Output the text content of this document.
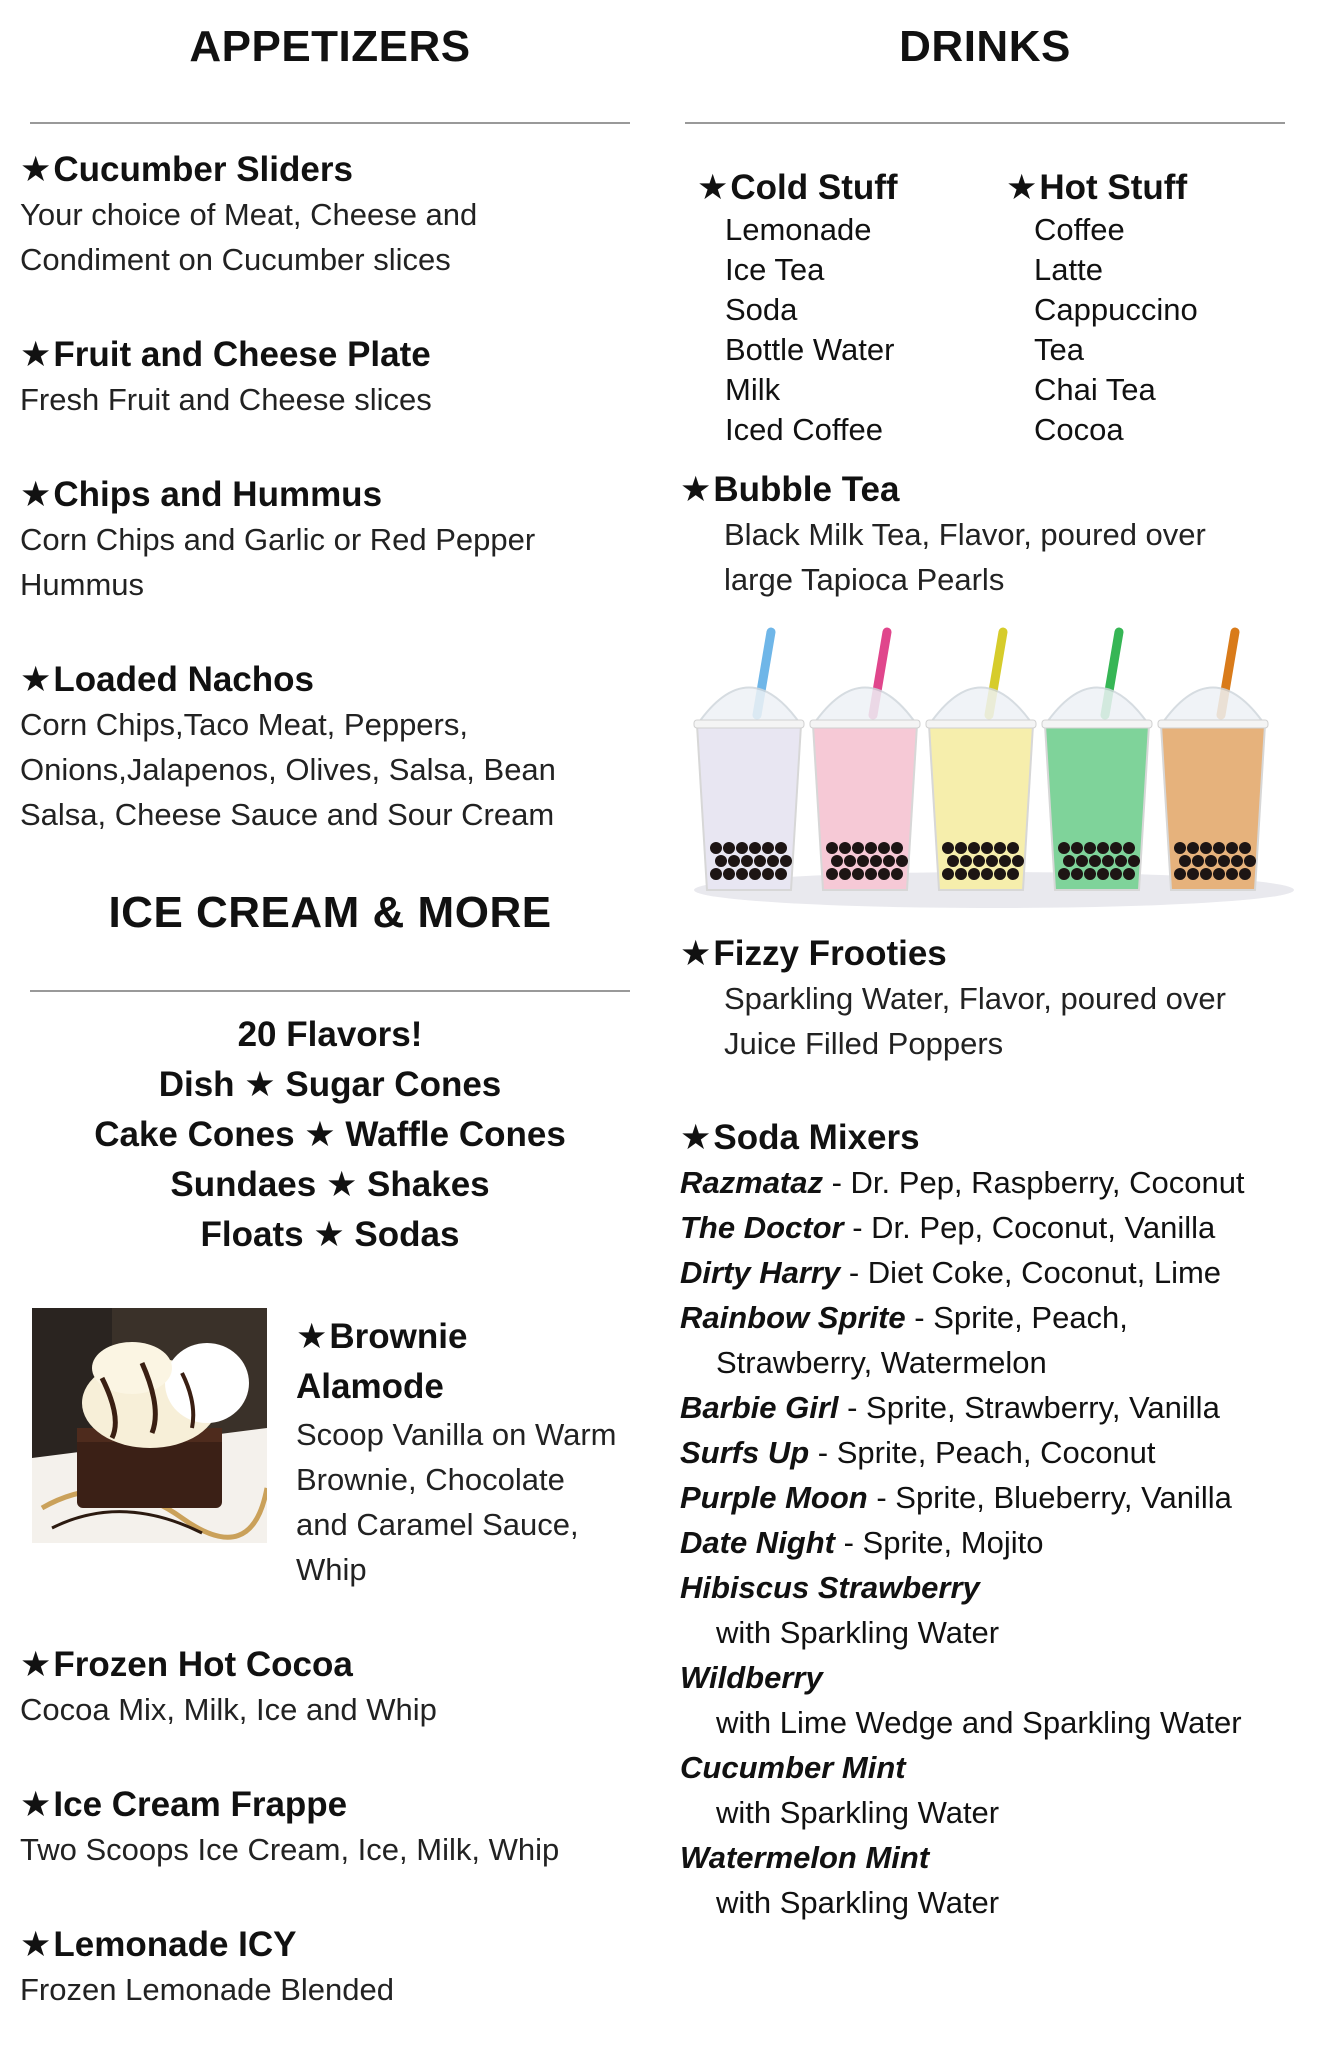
APPETIZERS
★Cucumber Sliders
Your choice of Meat, Cheese and
Condiment on Cucumber slices
★Fruit and Cheese Plate
Fresh Fruit and Cheese slices
★Chips and Hummus
Corn Chips and Garlic or Red Pepper
Hummus
★Loaded Nachos
Corn Chips,Taco Meat, Peppers,
Onions,Jalapenos, Olives, Salsa, Bean
Salsa, Cheese Sauce and Sour Cream
ICE CREAM & MORE
20 Flavors!
Dish ★ Sugar Cones
Cake Cones ★ Waffle Cones
Sundaes ★ Shakes
Floats ★ Sodas
★Brownie
Alamode
Scoop Vanilla on Warm
Brownie, Chocolate
and Caramel Sauce,
Whip
★Frozen Hot Cocoa
Cocoa Mix, Milk, Ice and Whip
★Ice Cream Frappe
Two Scoops Ice Cream, Ice, Milk, Whip
★Lemonade ICY
Frozen Lemonade Blended
DRINKS
★Cold Stuff
Lemonade
Ice Tea
Soda
Bottle Water
Milk
Iced Coffee
★Hot Stuff
Coffee
Latte
Cappuccino
Tea
Chai Tea
Cocoa
★Bubble Tea
Black Milk Tea, Flavor, poured over
large Tapioca Pearls
★Fizzy Frooties
Sparkling Water, Flavor, poured over
Juice Filled Poppers
★Soda Mixers
Razmataz - Dr. Pep, Raspberry, Coconut
The Doctor - Dr. Pep, Coconut, Vanilla
Dirty Harry - Diet Coke, Coconut, Lime
Rainbow Sprite - Sprite, Peach,
Strawberry, Watermelon
Barbie Girl - Sprite, Strawberry, Vanilla
Surfs Up - Sprite, Peach, Coconut
Purple Moon - Sprite, Blueberry, Vanilla
Date Night - Sprite, Mojito
Hibiscus Strawberry
with Sparkling Water
Wildberry
with Lime Wedge and Sparkling Water
Cucumber Mint
with Sparkling Water
Watermelon Mint
with Sparkling Water
